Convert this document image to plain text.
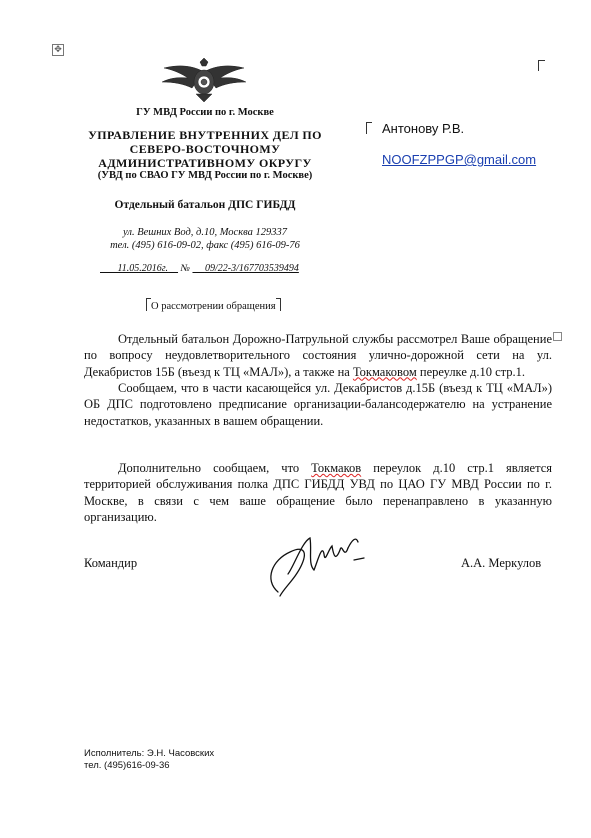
✥
ГУ МВД России по г. Москве
УПРАВЛЕНИЕ ВНУТРЕННИХ ДЕЛ ПО
СЕВЕРО-ВОСТОЧНОМУ
АДМИНИСТРАТИВНОМУ ОКРУГУ
(УВД по СВАО ГУ МВД России по г. Москве)
Отдельный батальон ДПС ГИБДД
ул. Вешних Вод, д.10, Москва 129337
тел. (495) 616-09-02, факс (495) 616-09-76
11.05.2016г. № 09/22-3/167703539494
О рассмотрении обращения
Антонову Р.В.
NOOFZPPGP@gmail.com

Отдельный батальон Дорожно-Патрульной службы рассмотрел Ваше обращение по вопросу неудовлетворительного состояния улично-дорожной сети на ул. Декабристов 15Б (въезд к ТЦ «МАЛ»), а также на Токмаковом переулке д.10 стр.1.

Сообщаем, что в части касающейся ул. Декабристов д.15Б (въезд к ТЦ «МАЛ») ОБ ДПС подготовлено предписание организации-балансодержателю на устранение недостатков, указанных в вашем обращении.

Дополнительно сообщаем, что Токмаков переулок д.10 стр.1 является территорией обслуживания полка ДПС ГИБДД УВД по ЦАО ГУ МВД России по г. Москве, в связи с чем ваше обращение было перенаправлено в указанную организацию.

Командир	А.А. Меркулов
Исполнитель: Э.Н. Часовских
тел. (495)616-09-36
